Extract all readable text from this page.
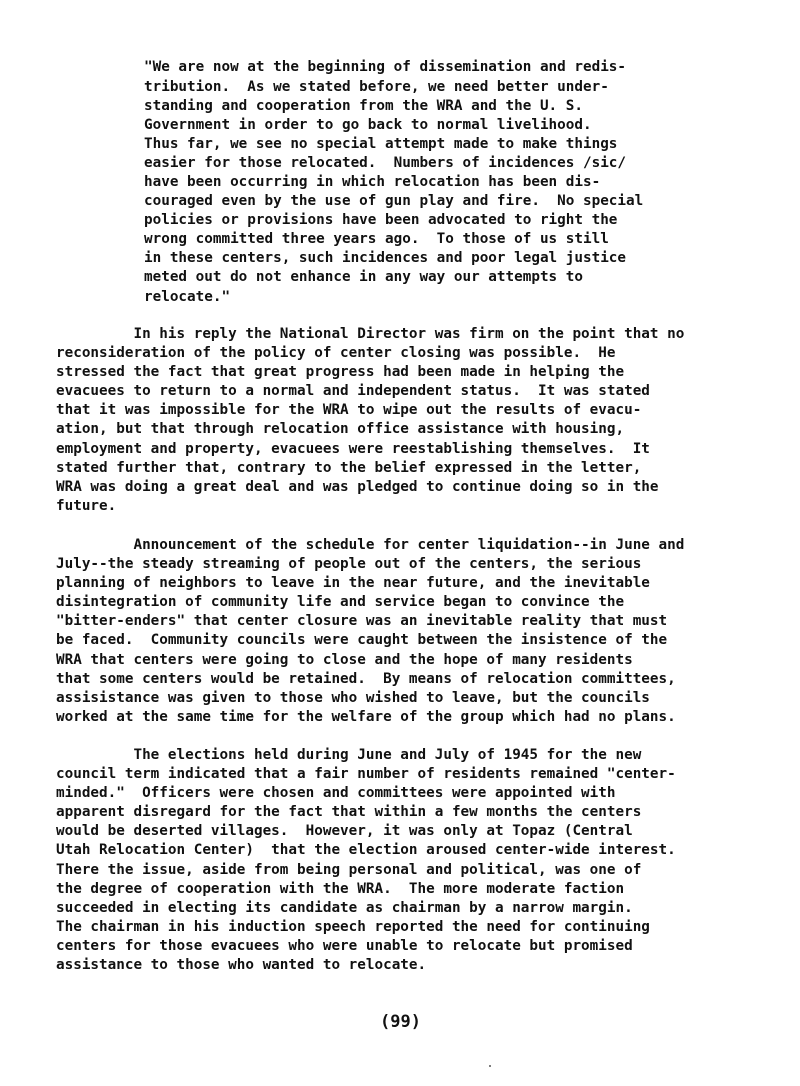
"We are now at the beginning of dissemination and redis-
tribution.  As we stated before, we need better under-
standing and cooperation from the WRA and the U. S.
Government in order to go back to normal livelihood.
Thus far, we see no special attempt made to make things
easier for those relocated.  Numbers of incidences /sic/
have been occurring in which relocation has been dis-
couraged even by the use of gun play and fire.  No special
policies or provisions have been advocated to right the
wrong committed three years ago.  To those of us still
in these centers, such incidences and poor legal justice
meted out do not enhance in any way our attempts to
relocate."
In his reply the National Director was firm on the point that no
reconsideration of the policy of center closing was possible.  He
stressed the fact that great progress had been made in helping the
evacuees to return to a normal and independent status.  It was stated
that it was impossible for the WRA to wipe out the results of evacu-
ation, but that through relocation office assistance with housing,
employment and property, evacuees were reestablishing themselves.  It
stated further that, contrary to the belief expressed in the letter,
WRA was doing a great deal and was pledged to continue doing so in the
future.
Announcement of the schedule for center liquidation--in June and
July--the steady streaming of people out of the centers, the serious
planning of neighbors to leave in the near future, and the inevitable
disintegration of community life and service began to convince the
"bitter-enders" that center closure was an inevitable reality that must
be faced.  Community councils were caught between the insistence of the
WRA that centers were going to close and the hope of many residents
that some centers would be retained.  By means of relocation committees,
assisistance was given to those who wished to leave, but the councils
worked at the same time for the welfare of the group which had no plans.
The elections held during June and July of 1945 for the new
council term indicated that a fair number of residents remained "center-
minded."  Officers were chosen and committees were appointed with
apparent disregard for the fact that within a few months the centers
would be deserted villages.  However, it was only at Topaz (Central
Utah Relocation Center)  that the election aroused center-wide interest.
There the issue, aside from being personal and political, was one of
the degree of cooperation with the WRA.  The more moderate faction
succeeded in electing its candidate as chairman by a narrow margin.
The chairman in his induction speech reported the need for continuing
centers for those evacuees who were unable to relocate but promised
assistance to those who wanted to relocate.
(99)
